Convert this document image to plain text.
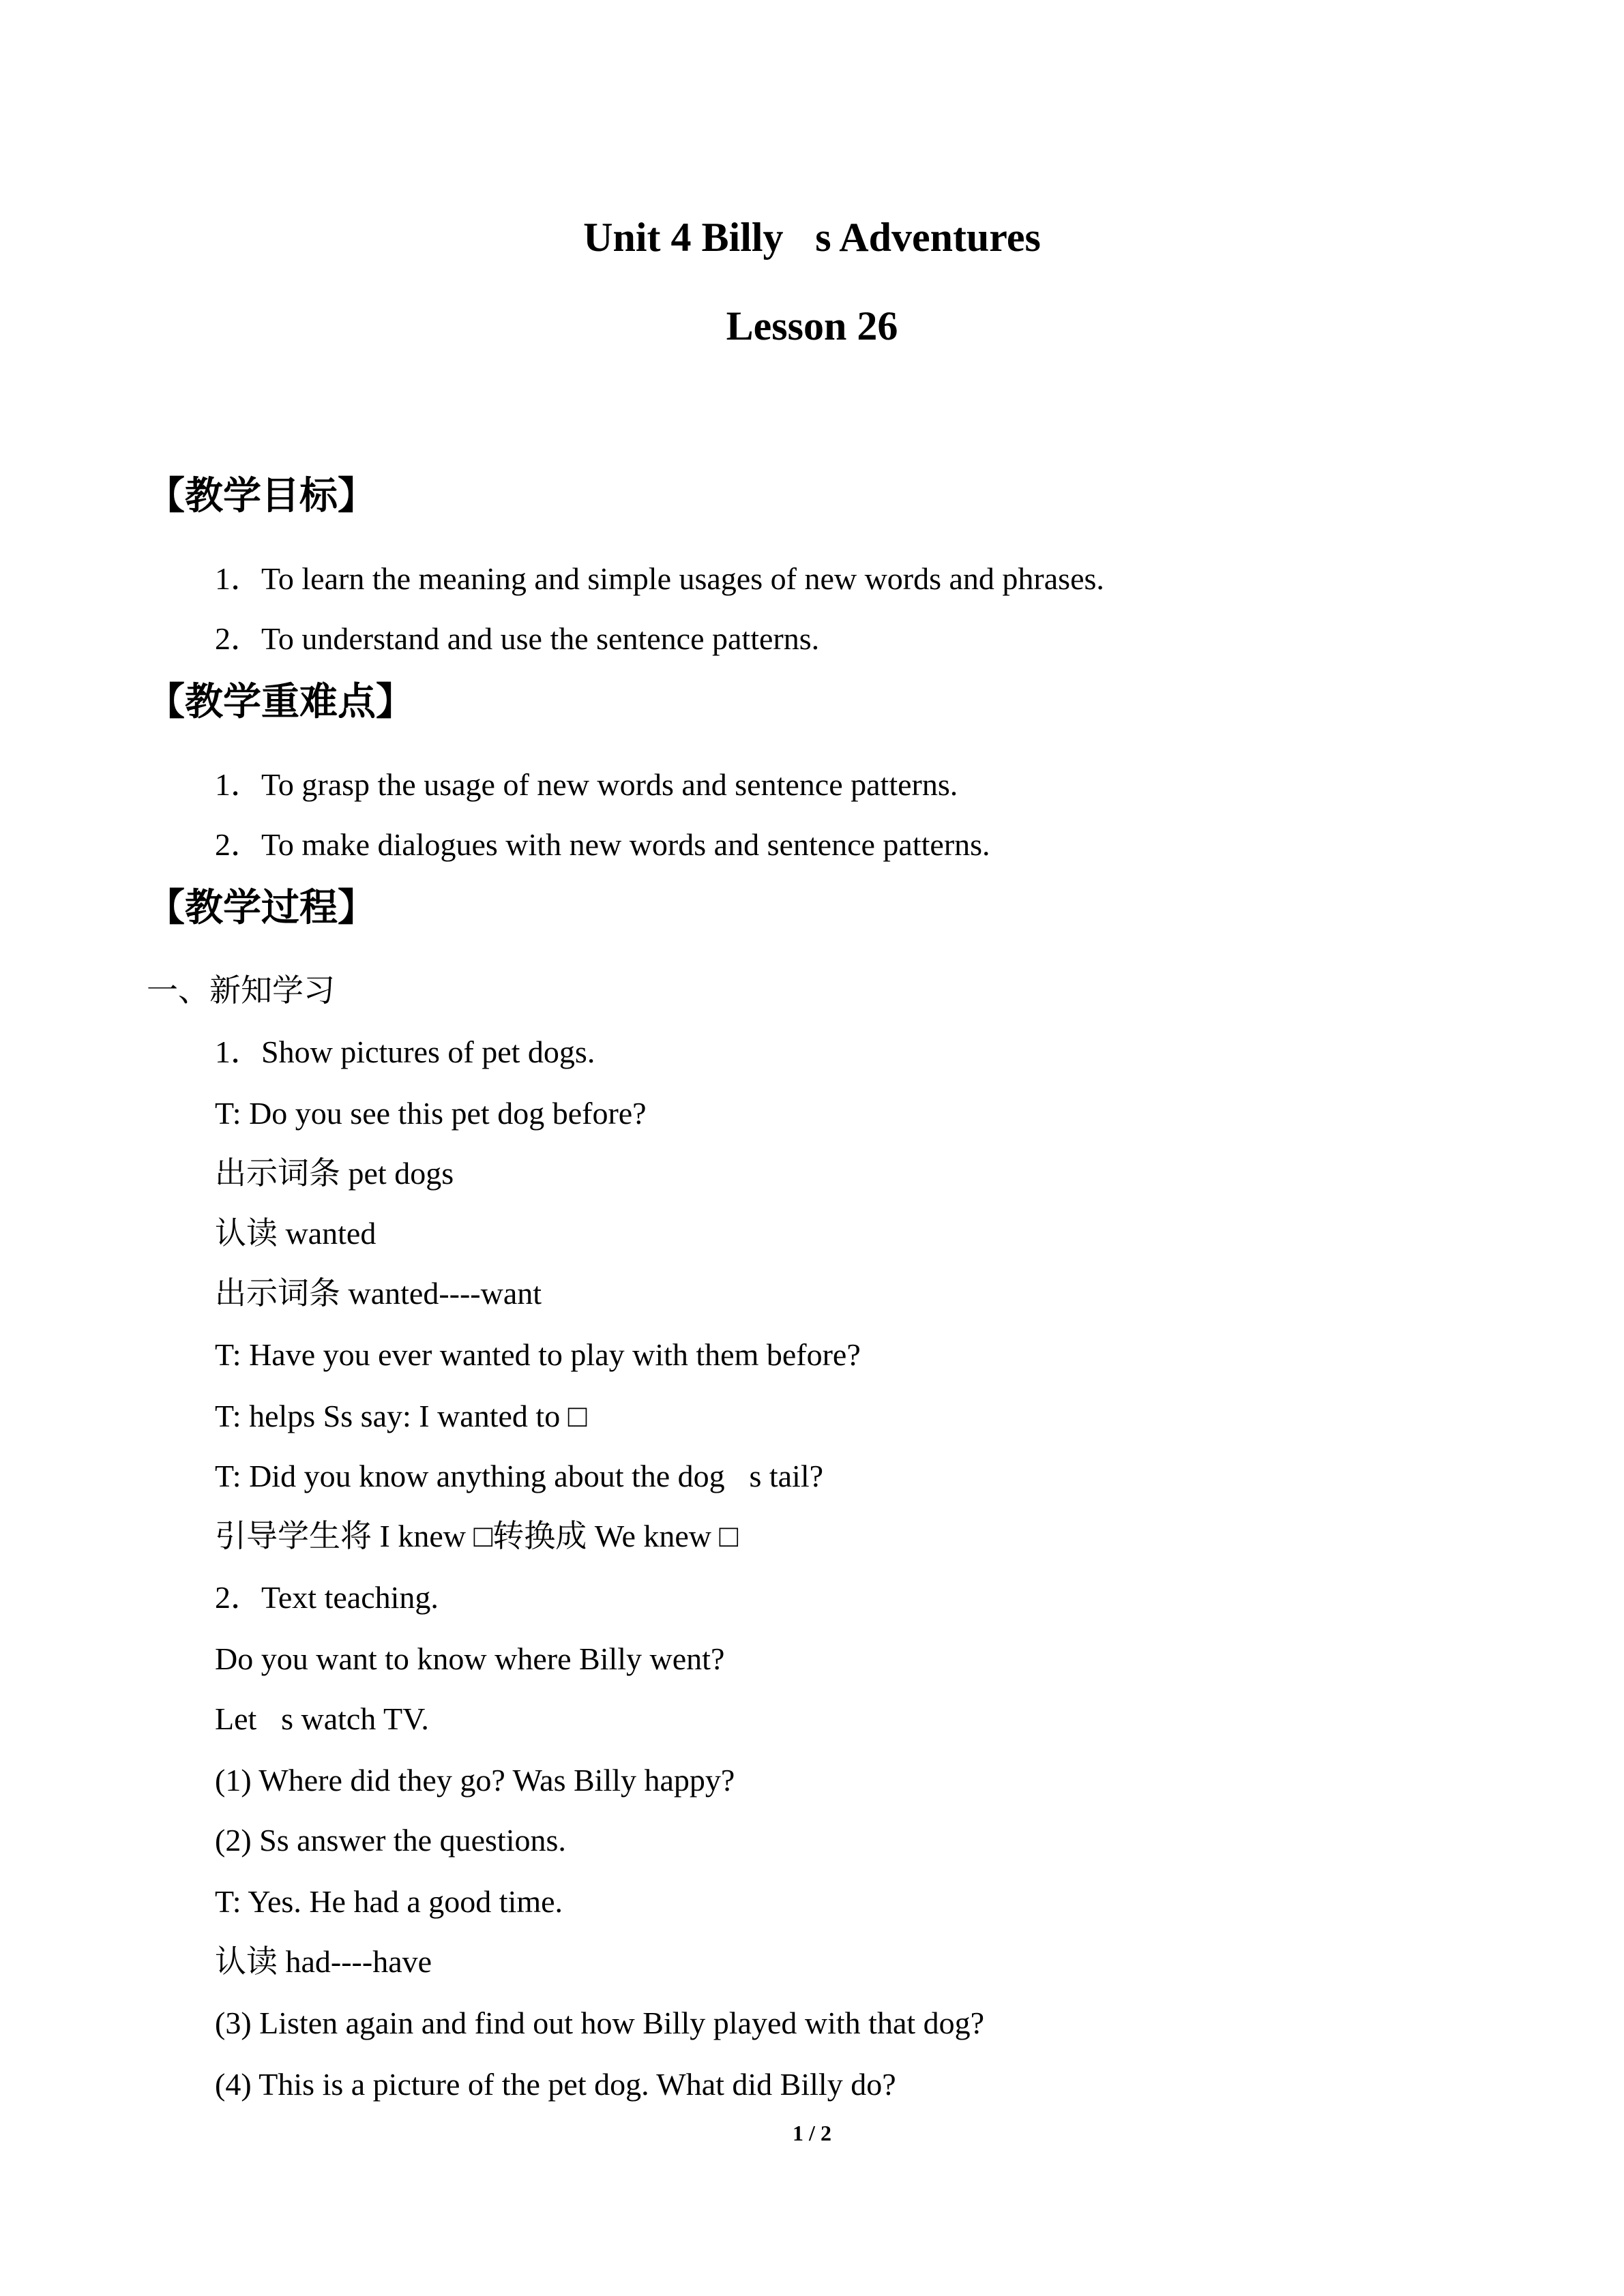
Unit 4 Billy s Adventures
Lesson 26
【教学目标】
1．To learn the meaning and simple usages of new words and phrases.
2．To understand and use the sentence patterns.
【教学重难点】
1．To grasp the usage of new words and sentence patterns.
2．To make dialogues with new words and sentence patterns.
【教学过程】
一、新知学习
1．Show pictures of pet dogs.
T: Do you see this pet dog before?
出示词条 pet dogs
认读 wanted
出示词条 wanted----want
T: Have you ever wanted to play with them before?
T: helps Ss say: I wanted to □
T: Did you know anything about the dog s tail?
引导学生将 I knew □转换成 We knew □
2．Text teaching.
Do you want to know where Billy went?
Let s watch TV.
(1) Where did they go? Was Billy happy?
(2) Ss answer the questions.
T: Yes. He had a good time.
认读 had----have
(3) Listen again and find out how Billy played with that dog?
(4) This is a picture of the pet dog. What did Billy do?
1 / 2
